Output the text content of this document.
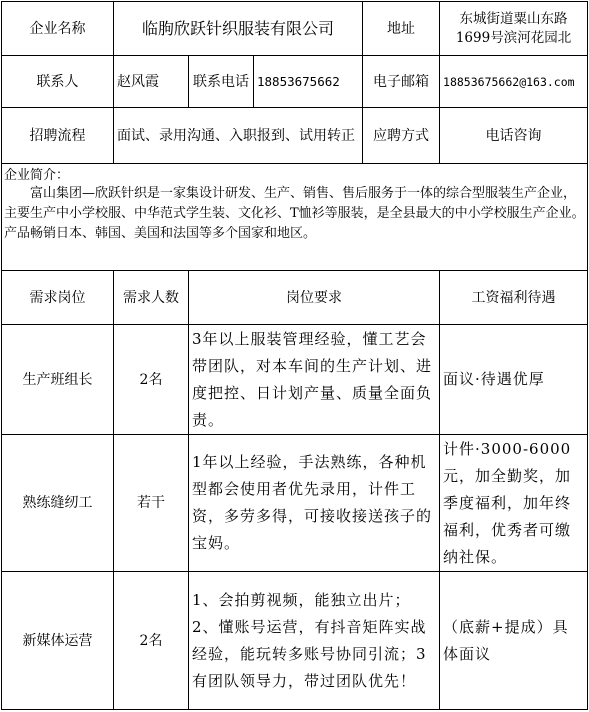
企业名称	临朐欣跃针织服装有限公司			地址	东城街道粟山东路1699号滨河花园北
联系人	赵风霞	联系电话	18853675662	电子邮箱	18853675662@163.com
招聘流程	面试、录用沟通、入职报到、试用转正			应聘方式	电话咨询

企业简介：
富山集团—欣跃针织是一家集设计研发、生产、销售、售后服务于一体的综合型服装生产企业，主要生产中小学校服、中华范式学生装、文化衫、T恤衫等服装，是全县最大的中小学校服生产企业。产品畅销日本、韩国、美国和法国等多个国家和地区。					

需求岗位	需求人数	岗位要求			工资福利待遇
生产班组长	2名	3年以上服装管理经验，懂工艺会带团队，对本车间的生产计划、进度把控、日计划产量、质量全面负责。			面议·待遇优厚
熟练缝纫工	若干	1年以上经验，手法熟练，各种机型都会使用者优先录用，计件工资，多劳多得，可接收接送孩子的宝妈。			计件·3000-6000元，加全勤奖，加季度福利，加年终福利，优秀者可缴纳社保。
新媒体运营	2名	1、会拍剪视频，能独立出片；2、懂账号运营，有抖音矩阵实战经验，能玩转多账号协同引流；3有团队领导力，带过团队优先！			（底薪+提成）具体面议
